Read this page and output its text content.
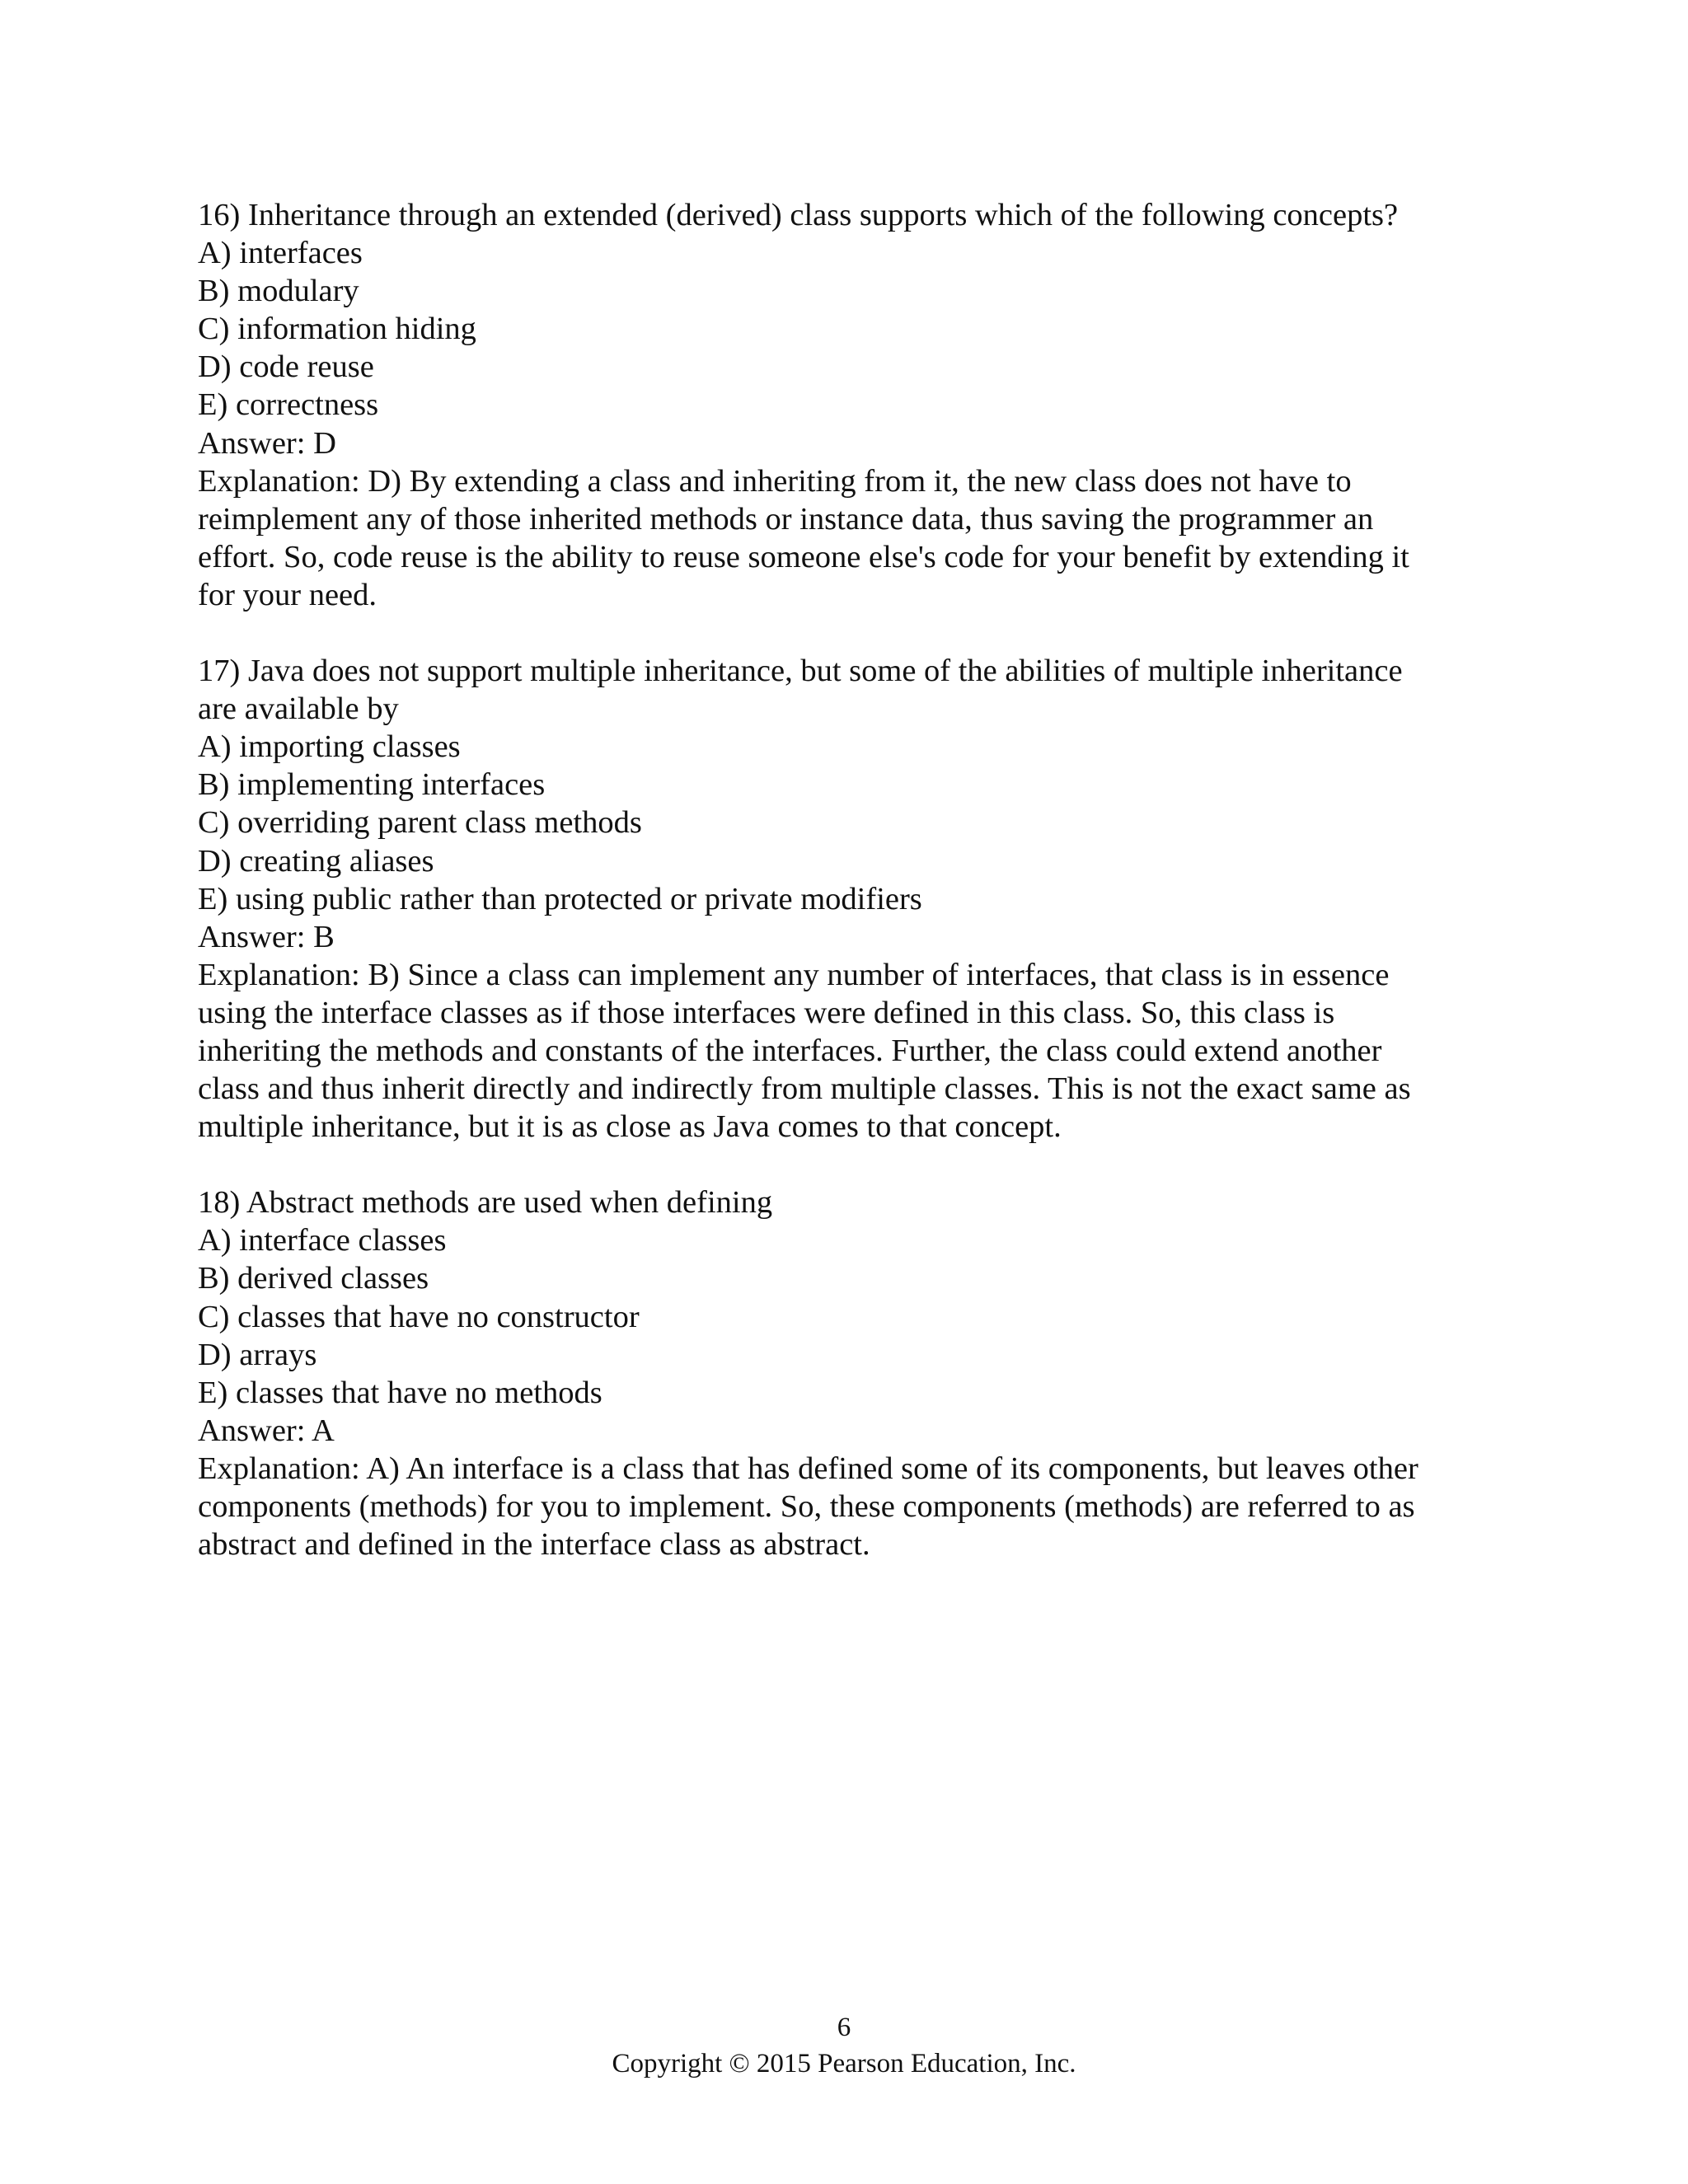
16) Inheritance through an extended (derived) class supports which of the following concepts?
A) interfaces
B) modulary
C) information hiding
D) code reuse
E) correctness
Answer: D
Explanation: D) By extending a class and inheriting from it, the new class does not have to
reimplement any of those inherited methods or instance data, thus saving the programmer an
effort. So, code reuse is the ability to reuse someone else's code for your benefit by extending it
for your need.
17) Java does not support multiple inheritance, but some of the abilities of multiple inheritance
are available by
A) importing classes
B) implementing interfaces
C) overriding parent class methods
D) creating aliases
E) using public rather than protected or private modifiers
Answer: B
Explanation: B) Since a class can implement any number of interfaces, that class is in essence
using the interface classes as if those interfaces were defined in this class. So, this class is
inheriting the methods and constants of the interfaces. Further, the class could extend another
class and thus inherit directly and indirectly from multiple classes. This is not the exact same as
multiple inheritance, but it is as close as Java comes to that concept.
18) Abstract methods are used when defining
A) interface classes
B) derived classes
C) classes that have no constructor
D) arrays
E) classes that have no methods
Answer: A
Explanation: A) An interface is a class that has defined some of its components, but leaves other
components (methods) for you to implement. So, these components (methods) are referred to as
abstract and defined in the interface class as abstract.
6
Copyright © 2015 Pearson Education, Inc.
